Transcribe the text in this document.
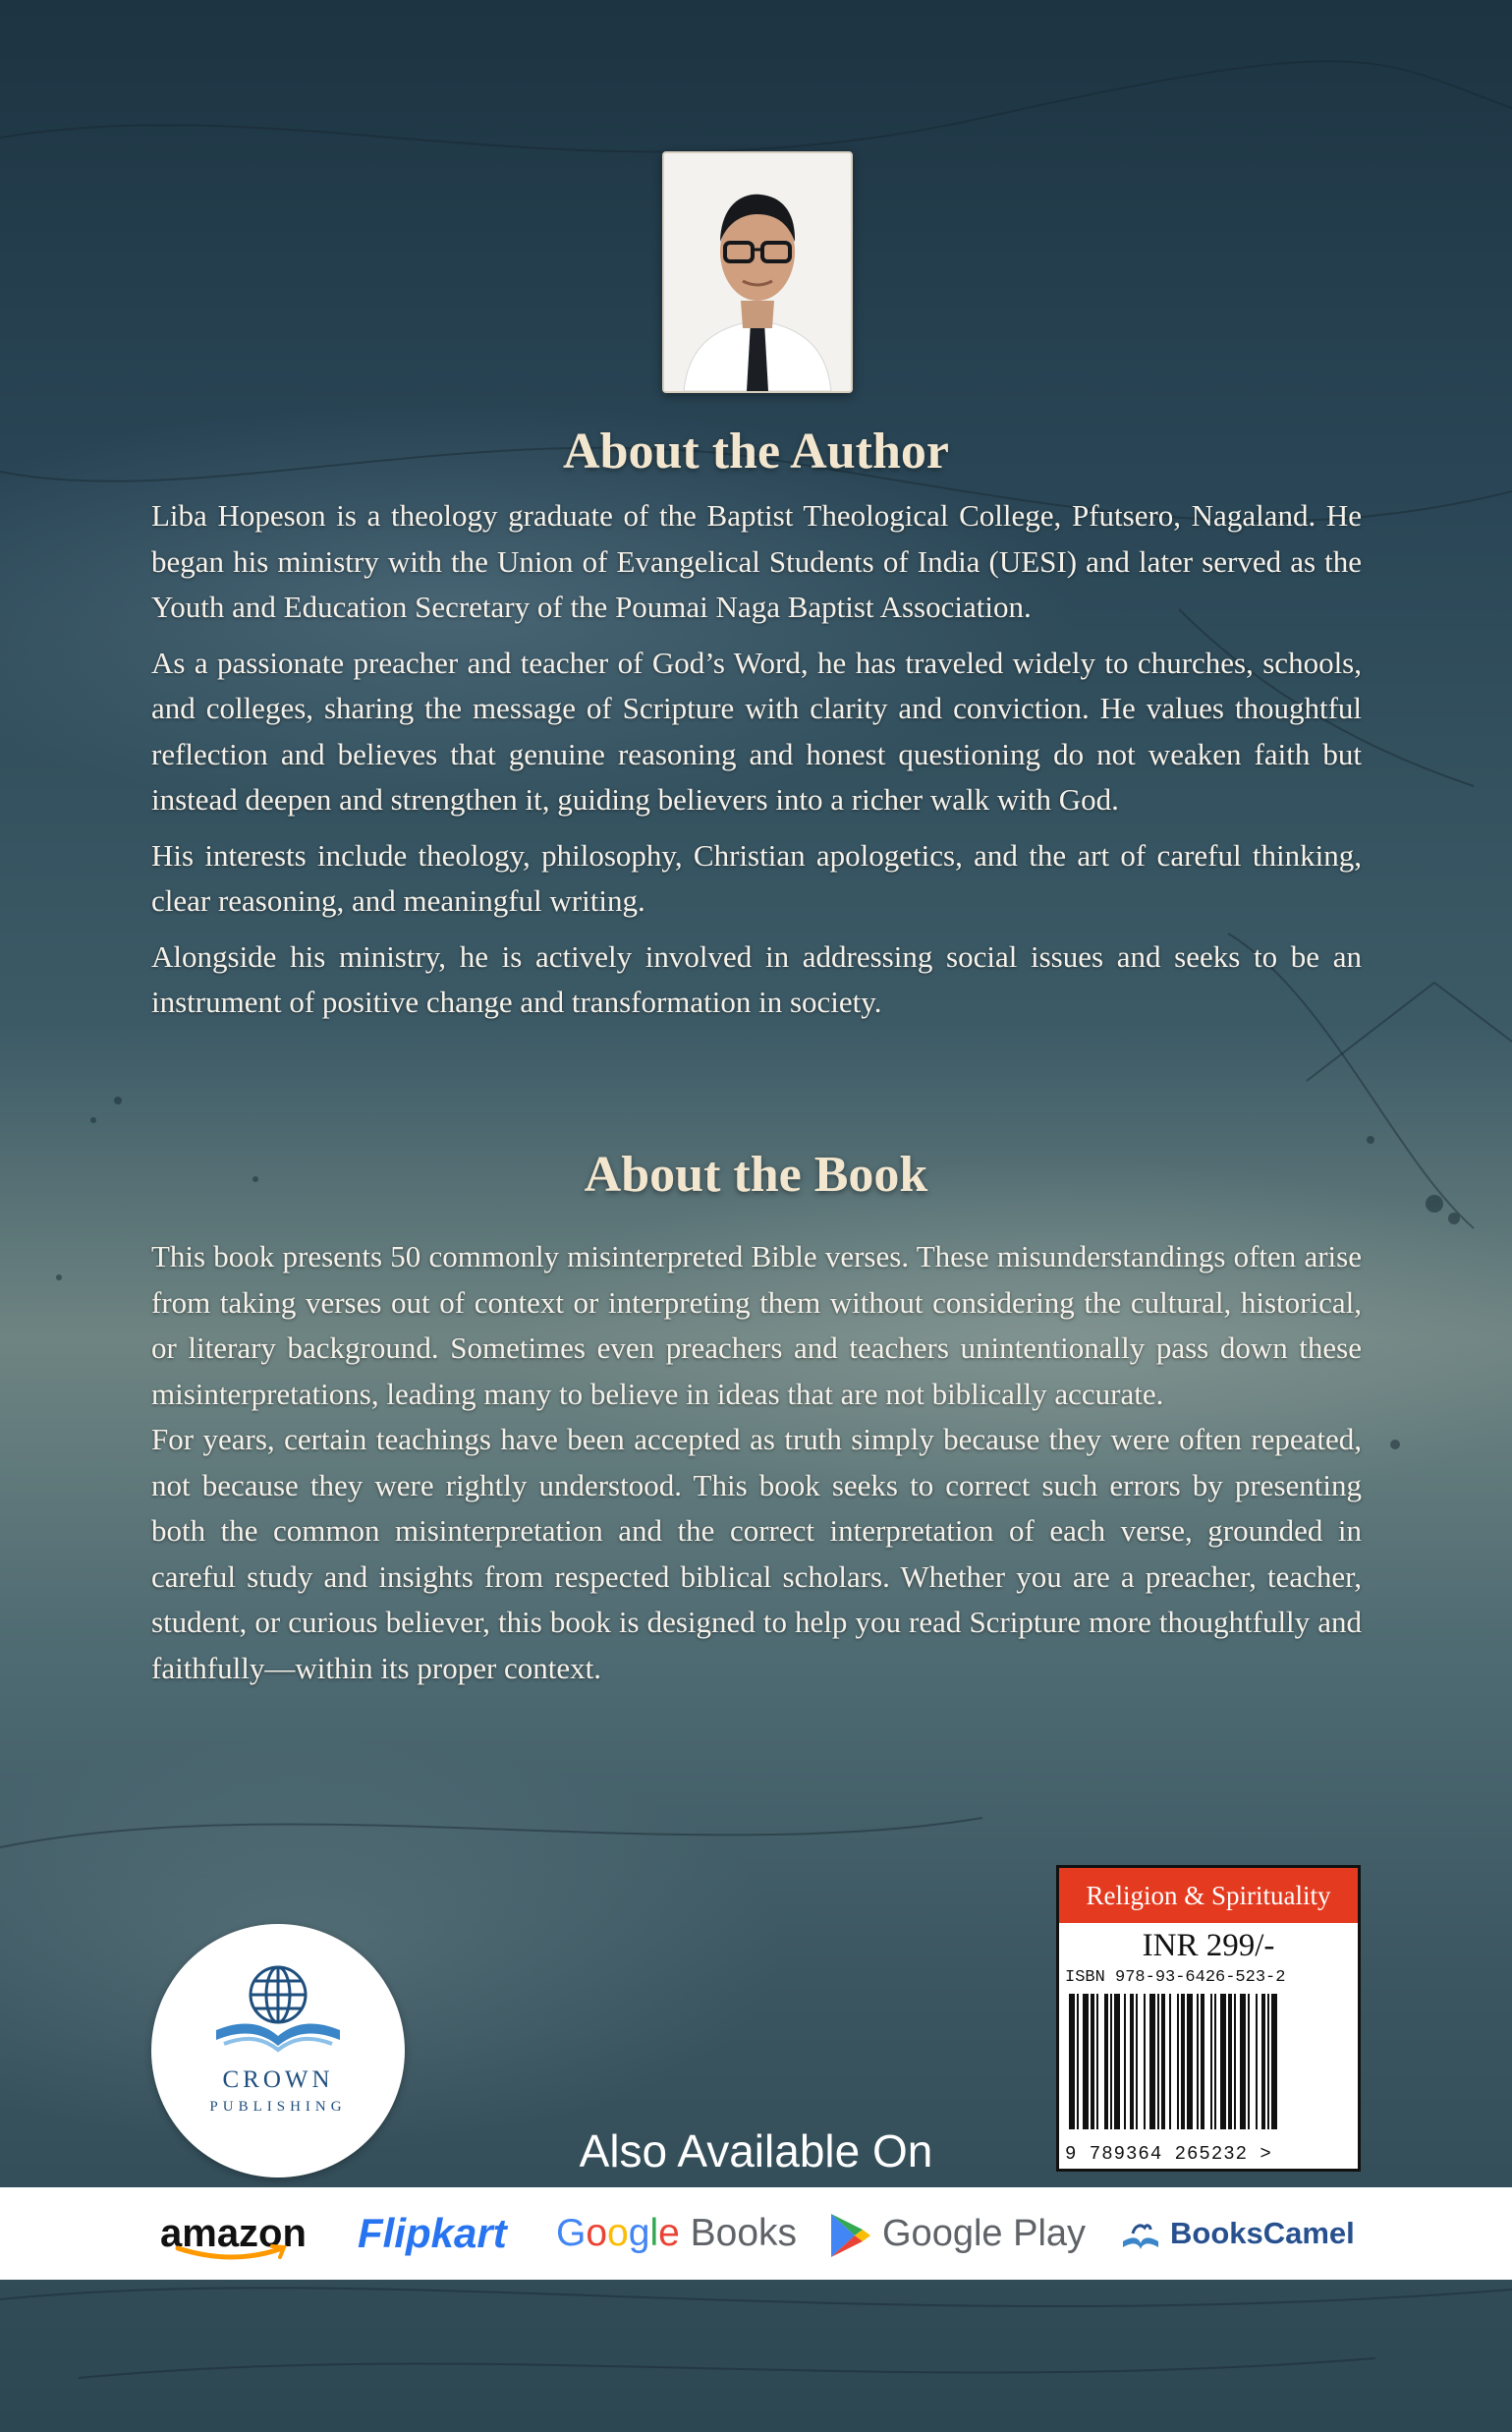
About the Author

Liba Hopeson is a theology graduate of the Baptist Theological College, Pfutsero, Nagaland. He began his ministry with the Union of Evangelical Students of India (UESI) and later served as the Youth and Education Secretary of the Poumai Naga Baptist Association.

As a passionate preacher and teacher of God’s Word, he has traveled widely to churches, schools, and colleges, sharing the message of Scripture with clarity and conviction. He values thoughtful reflection and believes that genuine reasoning and honest questioning do not weaken faith but instead deepen and strengthen it, guiding believers into a richer walk with God.

His interests include theology, philosophy, Christian apologetics, and the art of careful thinking, clear reasoning, and meaningful writing.

Alongside his ministry, he is actively involved in addressing social issues and seeks to be an instrument of positive change and transformation in society.

About the Book

This book presents 50 commonly misinterpreted Bible verses. These misunderstandings often arise from taking verses out of context or interpreting them without considering the cultural, historical, or literary background. Sometimes even preachers and teachers unintentionally pass down these misinterpretations, leading many to believe in ideas that are not biblically accurate.

For years, certain teachings have been accepted as truth simply because they were often repeated, not because they were rightly understood. This book seeks to correct such errors by presenting both the common misinterpretation and the correct interpretation of each verse, grounded in careful study and insights from respected biblical scholars. Whether you are a preacher, teacher, student, or curious believer, this book is designed to help you read Scripture more thoughtfully and faithfully—within its proper context.

CROWN
PUBLISHING
Religion & Spirituality
INR 299/-
ISBN 978-93-6426-523-2
9 789364 265232 >
Also Available On
amazon Flipkart Google Books	Google Play	BooksCamel
